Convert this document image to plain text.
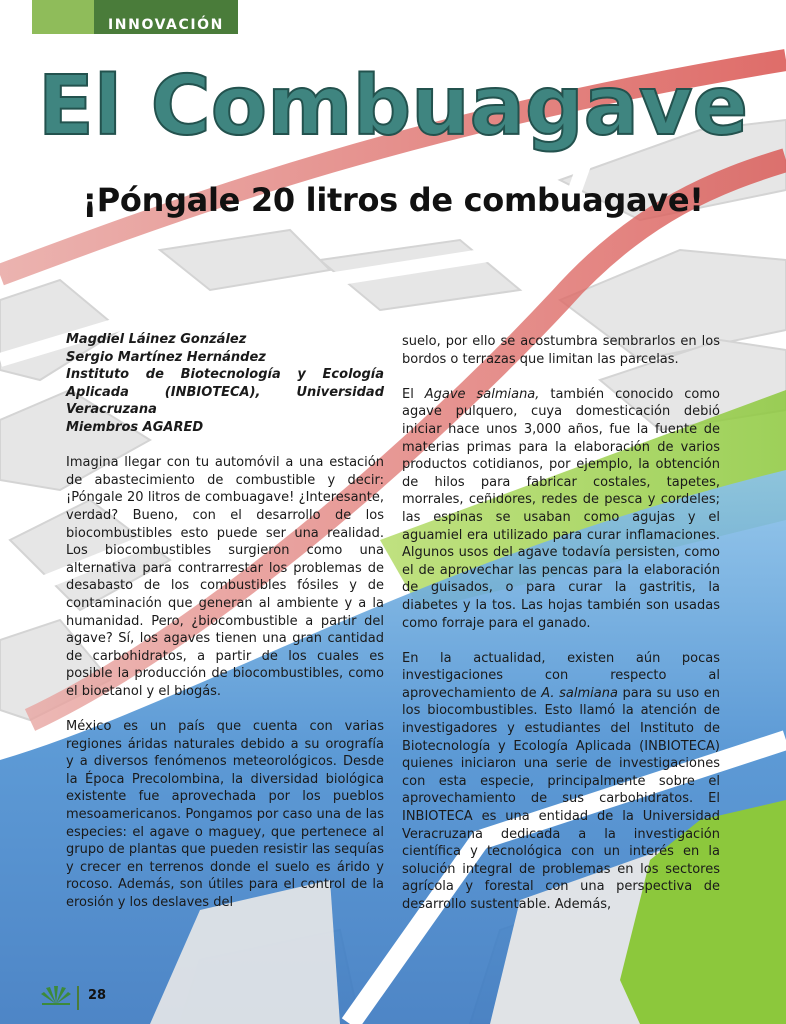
INNOVACIÓN
El Combuagave
¡Póngale 20 litros de combuagave!
Magdiel Láinez González
Sergio Martínez Hernández
Instituto de Biotecnología y Ecología Aplicada (INBIOTECA), Universidad Veracruzana
Miembros AGARED

Imagina llegar con tu automóvil a una estación de abastecimiento de combustible y decir: ¡Póngale 20 litros de combuagave! ¿Interesante, verdad? Bueno, con el desarrollo de los biocombustibles esto puede ser una realidad. Los biocombustibles surgieron como una alternativa para contrarrestar los problemas de desabasto de los combustibles fósiles y de contaminación que generan al ambiente y a la humanidad. Pero, ¿biocombustible a partir del agave? Sí, los agaves tienen una gran cantidad de carbohidratos, a partir de los cuales es posible la producción de biocombustibles, como el bioetanol y el biogás.

México es un país que cuenta con varias regiones áridas naturales debido a su orografía y a diversos fenómenos meteorológicos. Desde la Época Precolombina, la diversidad biológica existente fue aprovechada por los pueblos mesoamericanos. Pongamos por caso una de las especies: el agave o maguey, que pertenece al grupo de plantas que pueden resistir las sequías y crecer en terrenos donde el suelo es árido y rocoso. Además, son útiles para el control de la erosión y los deslaves del

suelo, por ello se acostumbra sembrarlos en los bordos o terrazas que limitan las parcelas.

El Agave salmiana, también conocido como agave pulquero, cuya domesticación debió iniciar hace unos 3,000 años, fue la fuente de materias primas para la elaboración de varios productos cotidianos, por ejemplo, la obtención de hilos para fabricar costales, tapetes, morrales, ceñidores, redes de pesca y cordeles; las espinas se usaban como agujas y el aguamiel era utilizado para curar inflamaciones. Algunos usos del agave todavía persisten, como el de aprovechar las pencas para la elaboración de guisados, o para curar la gastritis, la diabetes y la tos. Las hojas también son usadas como forraje para el ganado.

En la actualidad, existen aún pocas investigaciones con respecto al aprovechamiento de A. salmiana para su uso en los biocombustibles. Esto llamó la atención de investigadores y estudiantes del Instituto de Biotecnología y Ecología Aplicada (INBIOTECA) quienes iniciaron una serie de investigaciones con esta especie, principalmente sobre el aprovechamiento de sus carbohidratos. El INBIOTECA es una entidad de la Universidad Veracruzana dedicada a la investigación científica y tecnológica con un interés en la solución integral de problemas en los sectores agrícola y forestal con una perspectiva de desarrollo sustentable. Además,

28
